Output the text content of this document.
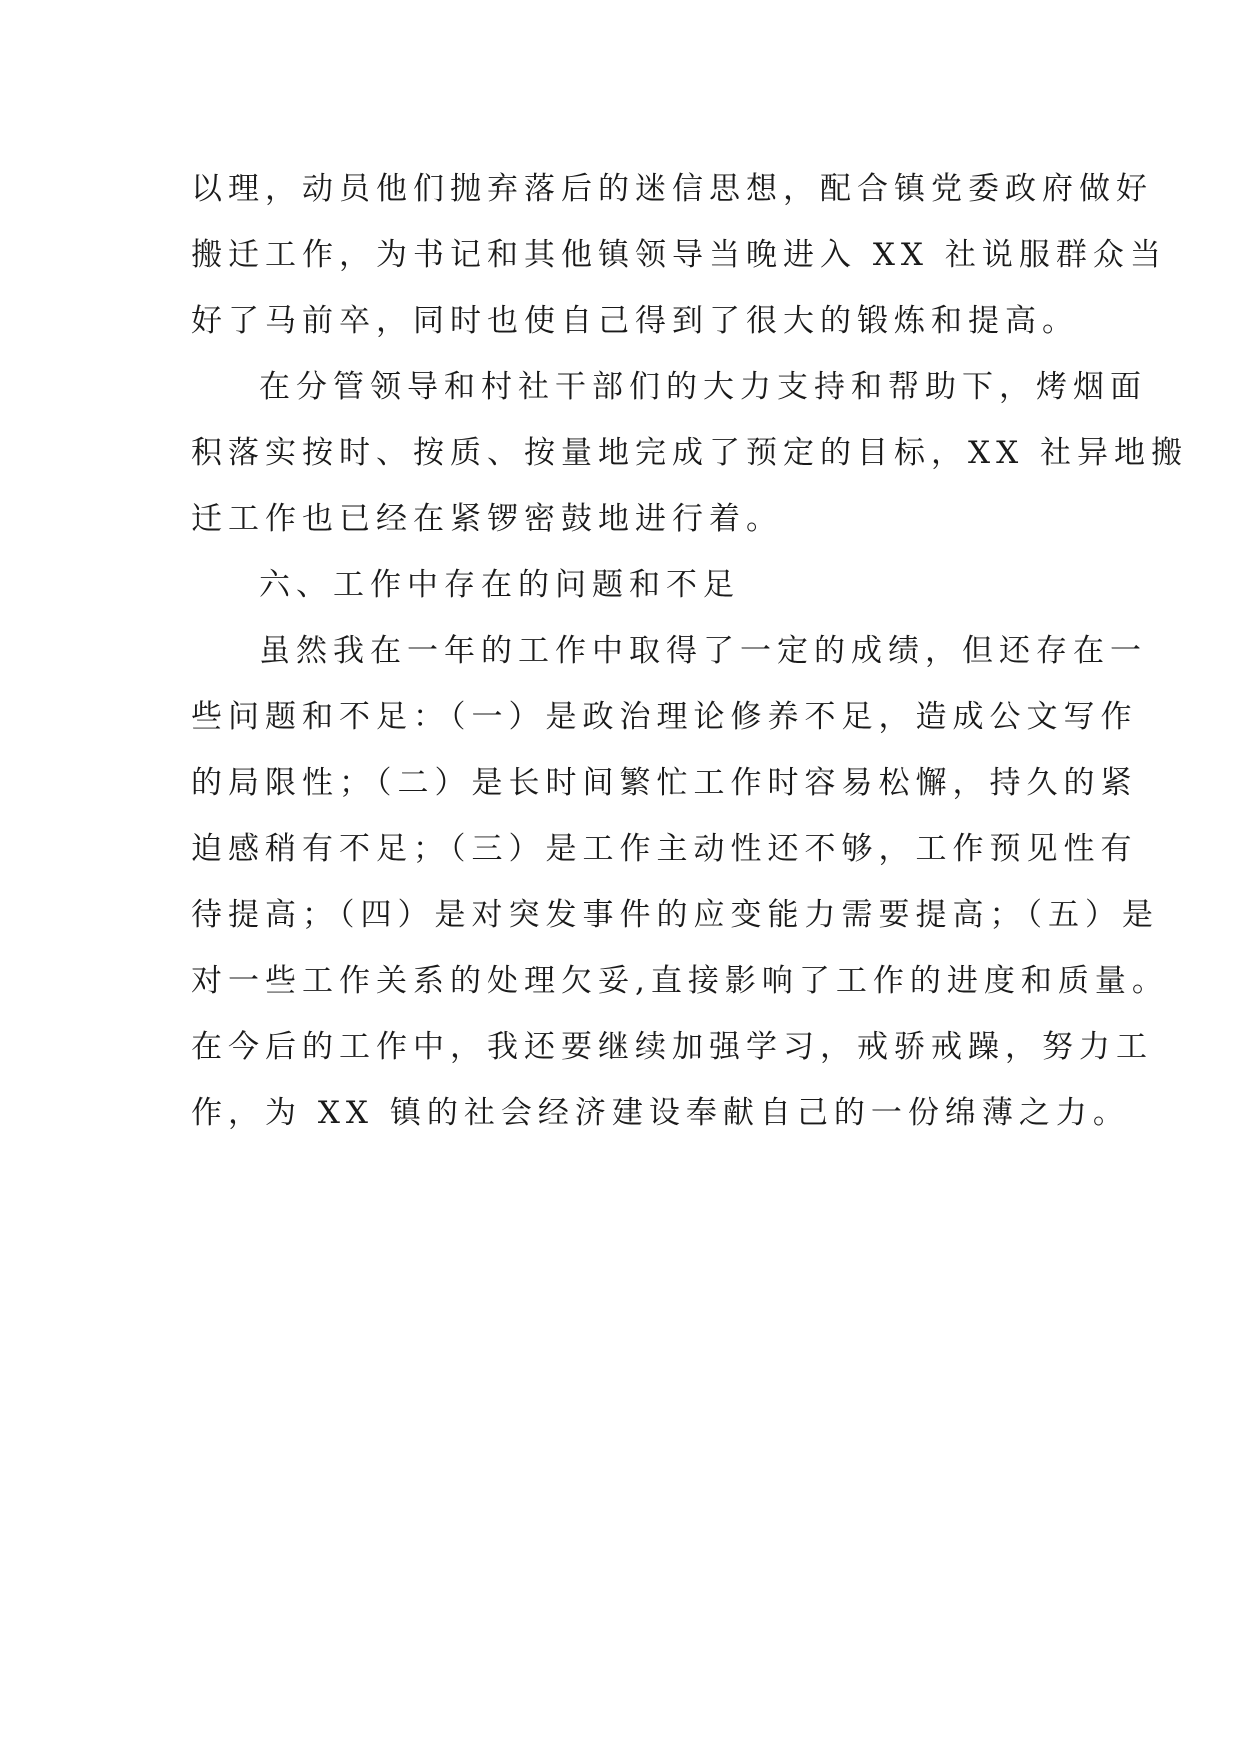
以理，动员他们抛弃落后的迷信思想，配合镇党委政府做好
搬迁工作，为书记和其他镇领导当晚进入 XX 社说服群众当
好了马前卒，同时也使自己得到了很大的锻炼和提高。
在分管领导和村社干部们的大力支持和帮助下，烤烟面
积落实按时、按质、按量地完成了预定的目标，XX 社异地搬
迁工作也已经在紧锣密鼓地进行着。
六、工作中存在的问题和不足
虽然我在一年的工作中取得了一定的成绩，但还存在一
些问题和不足：（一）是政治理论修养不足，造成公文写作
的局限性；（二）是长时间繁忙工作时容易松懈，持久的紧
迫感稍有不足；（三）是工作主动性还不够，工作预见性有
待提高；（四）是对突发事件的应变能力需要提高；（五）是
对一些工作关系的处理欠妥,直接影响了工作的进度和质量。
在今后的工作中，我还要继续加强学习，戒骄戒躁，努力工
作，为 XX 镇的社会经济建设奉献自己的一份绵薄之力。
